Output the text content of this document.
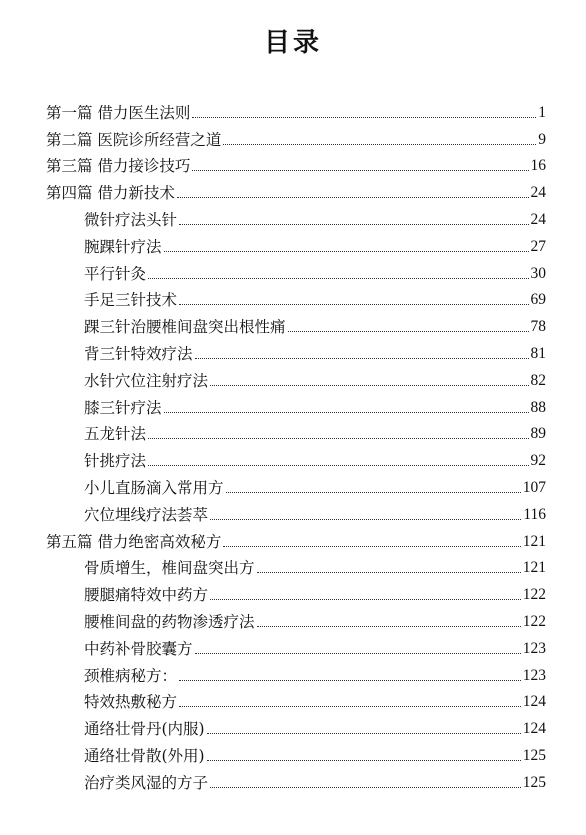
目录
第一篇 借力医生法则	1
第二篇 医院诊所经营之道	9
第三篇 借力接诊技巧	16
第四篇 借力新技术	24
微针疗法头针	24
腕踝针疗法	27
平行针灸	30
手足三针技术	69
踝三针治腰椎间盘突出根性痛	78
背三针特效疗法	81
水针穴位注射疗法	82
膝三针疗法	88
五龙针法	89
针挑疗法	92
小儿直肠滴入常用方	107
穴位埋线疗法荟萃	116
第五篇 借力绝密高效秘方	121
骨质增生，椎间盘突出方	121
腰腿痛特效中药方	122
腰椎间盘的药物渗透疗法	122
中药补骨胶囊方	123
颈椎病秘方：	123
特效热敷秘方	124
通络壮骨丹(内服)	124
通络壮骨散(外用)	125
治疗类风湿的方子	125
